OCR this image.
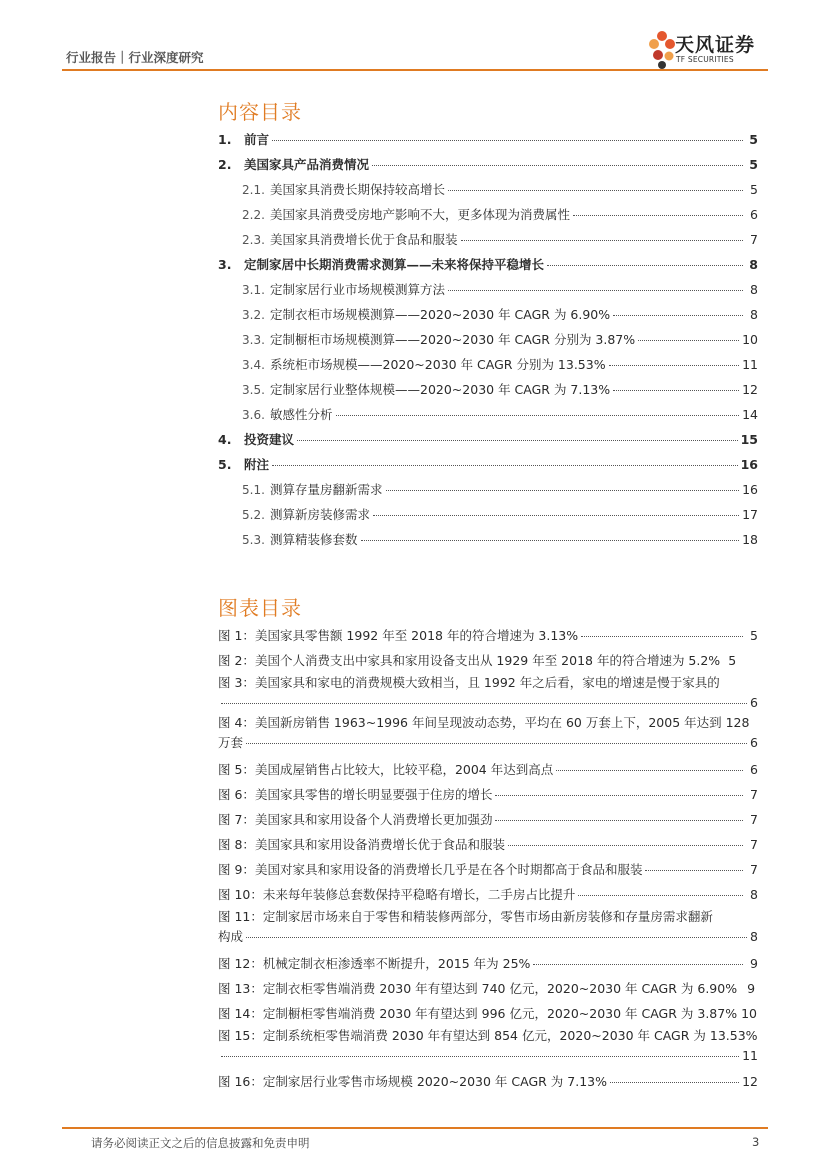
行业报告｜行业深度研究
天风证券
TF SECURITIES
内容目录
1.	前言	5
2.	美国家具产品消费情况	5
2.1. 美国家具消费长期保持较高增长	5
2.2. 美国家具消费受房地产影响不大，更多体现为消费属性	6
2.3. 美国家具消费增长优于食品和服装	7
3.	定制家居中长期消费需求测算——未来将保持平稳增长	8
3.1. 定制家居行业市场规模测算方法	8
3.2. 定制衣柜市场规模测算——2020~2030 年 CAGR 为 6.90%	8
3.3. 定制橱柜市场规模测算——2020~2030 年 CAGR 分别为 3.87%	10
3.4. 系统柜市场规模——2020~2030 年 CAGR 分别为 13.53%	11
3.5. 定制家居行业整体规模——2020~2030 年 CAGR 为 7.13%	12
3.6. 敏感性分析	14
4.	投资建议	15
5.	附注	16
5.1. 测算存量房翻新需求	16
5.2. 测算新房装修需求	17
5.3. 测算精装修套数	18
图表目录
图 1： 美国家具零售额 1992 年至 2018 年的符合增速为 3.13%	5
图 2： 美国个人消费支出中家具和家用设备支出从 1929 年至 2018 年的符合增速为 5.2% 5
图 3：美国家具和家电的消费规模大致相当，且 1992 年之后看，家电的增速是慢于家具的
6
图 4：美国新房销售 1963~1996 年间呈现波动态势，平均在 60 万套上下，2005 年达到 128
万套	6
图 5： 美国成屋销售占比较大，比较平稳，2004 年达到高点	6
图 6： 美国家具零售的增长明显要强于住房的增长	7
图 7： 美国家具和家用设备个人消费增长更加强劲	7
图 8： 美国家具和家用设备消费增长优于食品和服装	7
图 9： 美国对家具和家用设备的消费增长几乎是在各个时期都高于食品和服装	7
图 10： 未来每年装修总套数保持平稳略有增长，二手房占比提升	8
图 11：定制家居市场来自于零售和精装修两部分，零售市场由新房装修和存量房需求翻新
构成	8
图 12： 机械定制衣柜渗透率不断提升，2015 年为 25%	9
图 13： 定制衣柜零售端消费 2030 年有望达到 740 亿元，2020~2030 年 CAGR 为 6.90% 9
图 14： 定制橱柜零售端消费 2030 年有望达到 996 亿元，2020~2030 年 CAGR 为 3.87% 10
图 15：定制系统柜零售端消费 2030 年有望达到 854 亿元，2020~2030 年 CAGR 为 13.53%
11
图 16： 定制家居行业零售市场规模 2020~2030 年 CAGR 为 7.13%	12
请务必阅读正文之后的信息披露和免责申明	3
